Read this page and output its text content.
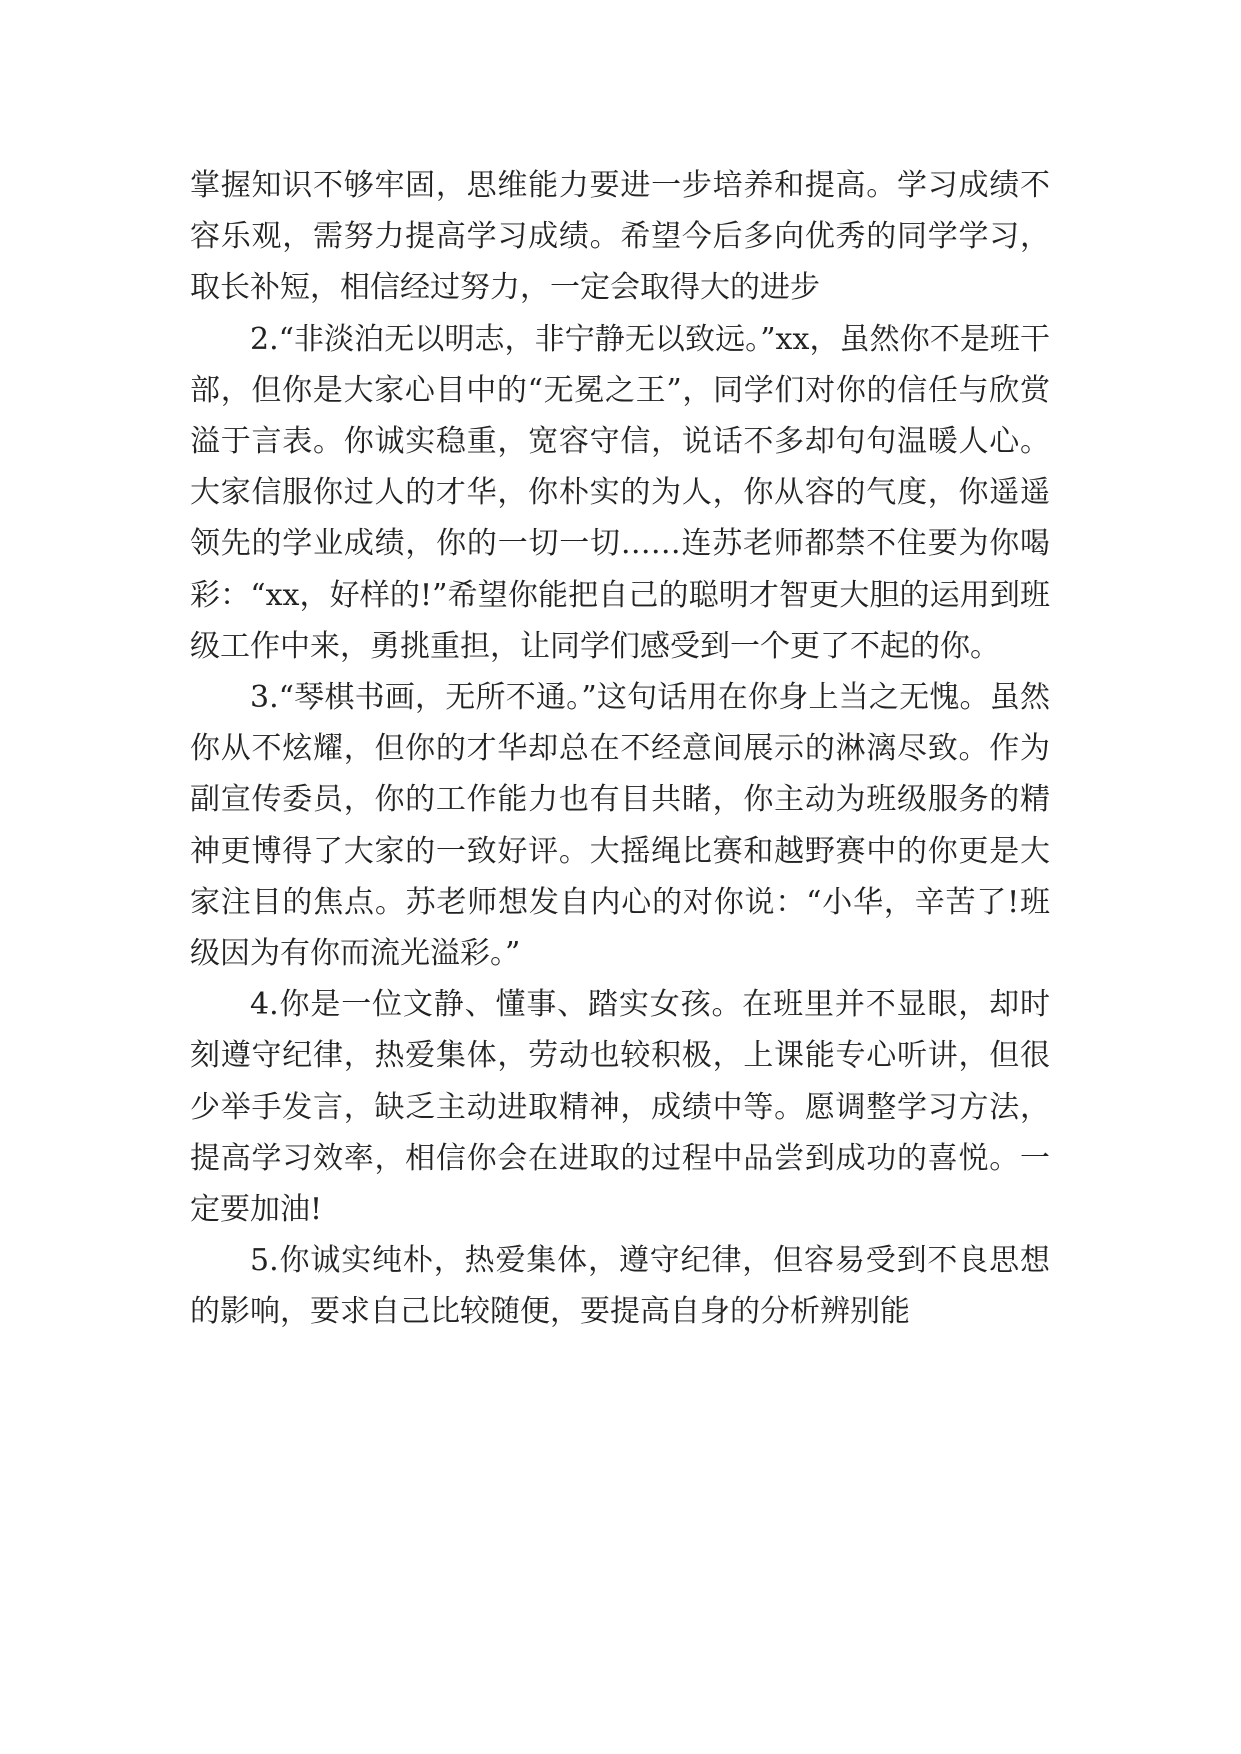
掌握知识不够牢固，思维能力要进一步培养和提高。学习成绩不容乐观，需努力提高学习成绩。希望今后多向优秀的同学学习，取长补短，相信经过努力，一定会取得大的进步

2.“非淡泊无以明志，非宁静无以致远。”xx，虽然你不是班干部，但你是大家心目中的“无冕之王”，同学们对你的信任与欣赏溢于言表。你诚实稳重，宽容守信，说话不多却句句温暖人心。大家信服你过人的才华，你朴实的为人，你从容的气度，你遥遥领先的学业成绩，你的一切一切……连苏老师都禁不住要为你喝彩：“xx，好样的!”希望你能把自己的聪明才智更大胆的运用到班级工作中来，勇挑重担，让同学们感受到一个更了不起的你。

3.“琴棋书画，无所不通。”这句话用在你身上当之无愧。虽然你从不炫耀，但你的才华却总在不经意间展示的淋漓尽致。作为副宣传委员，你的工作能力也有目共睹，你主动为班级服务的精神更博得了大家的一致好评。大摇绳比赛和越野赛中的你更是大家注目的焦点。苏老师想发自内心的对你说：“小华，辛苦了!班级因为有你而流光溢彩。”

4.你是一位文静、懂事、踏实女孩。在班里并不显眼，却时刻遵守纪律，热爱集体，劳动也较积极，上课能专心听讲，但很少举手发言，缺乏主动进取精神，成绩中等。愿调整学习方法，提高学习效率，相信你会在进取的过程中品尝到成功的喜悦。一定要加油!

5.你诚实纯朴，热爱集体，遵守纪律，但容易受到不良思想的影响，要求自己比较随便，要提高自身的分析辨别能
